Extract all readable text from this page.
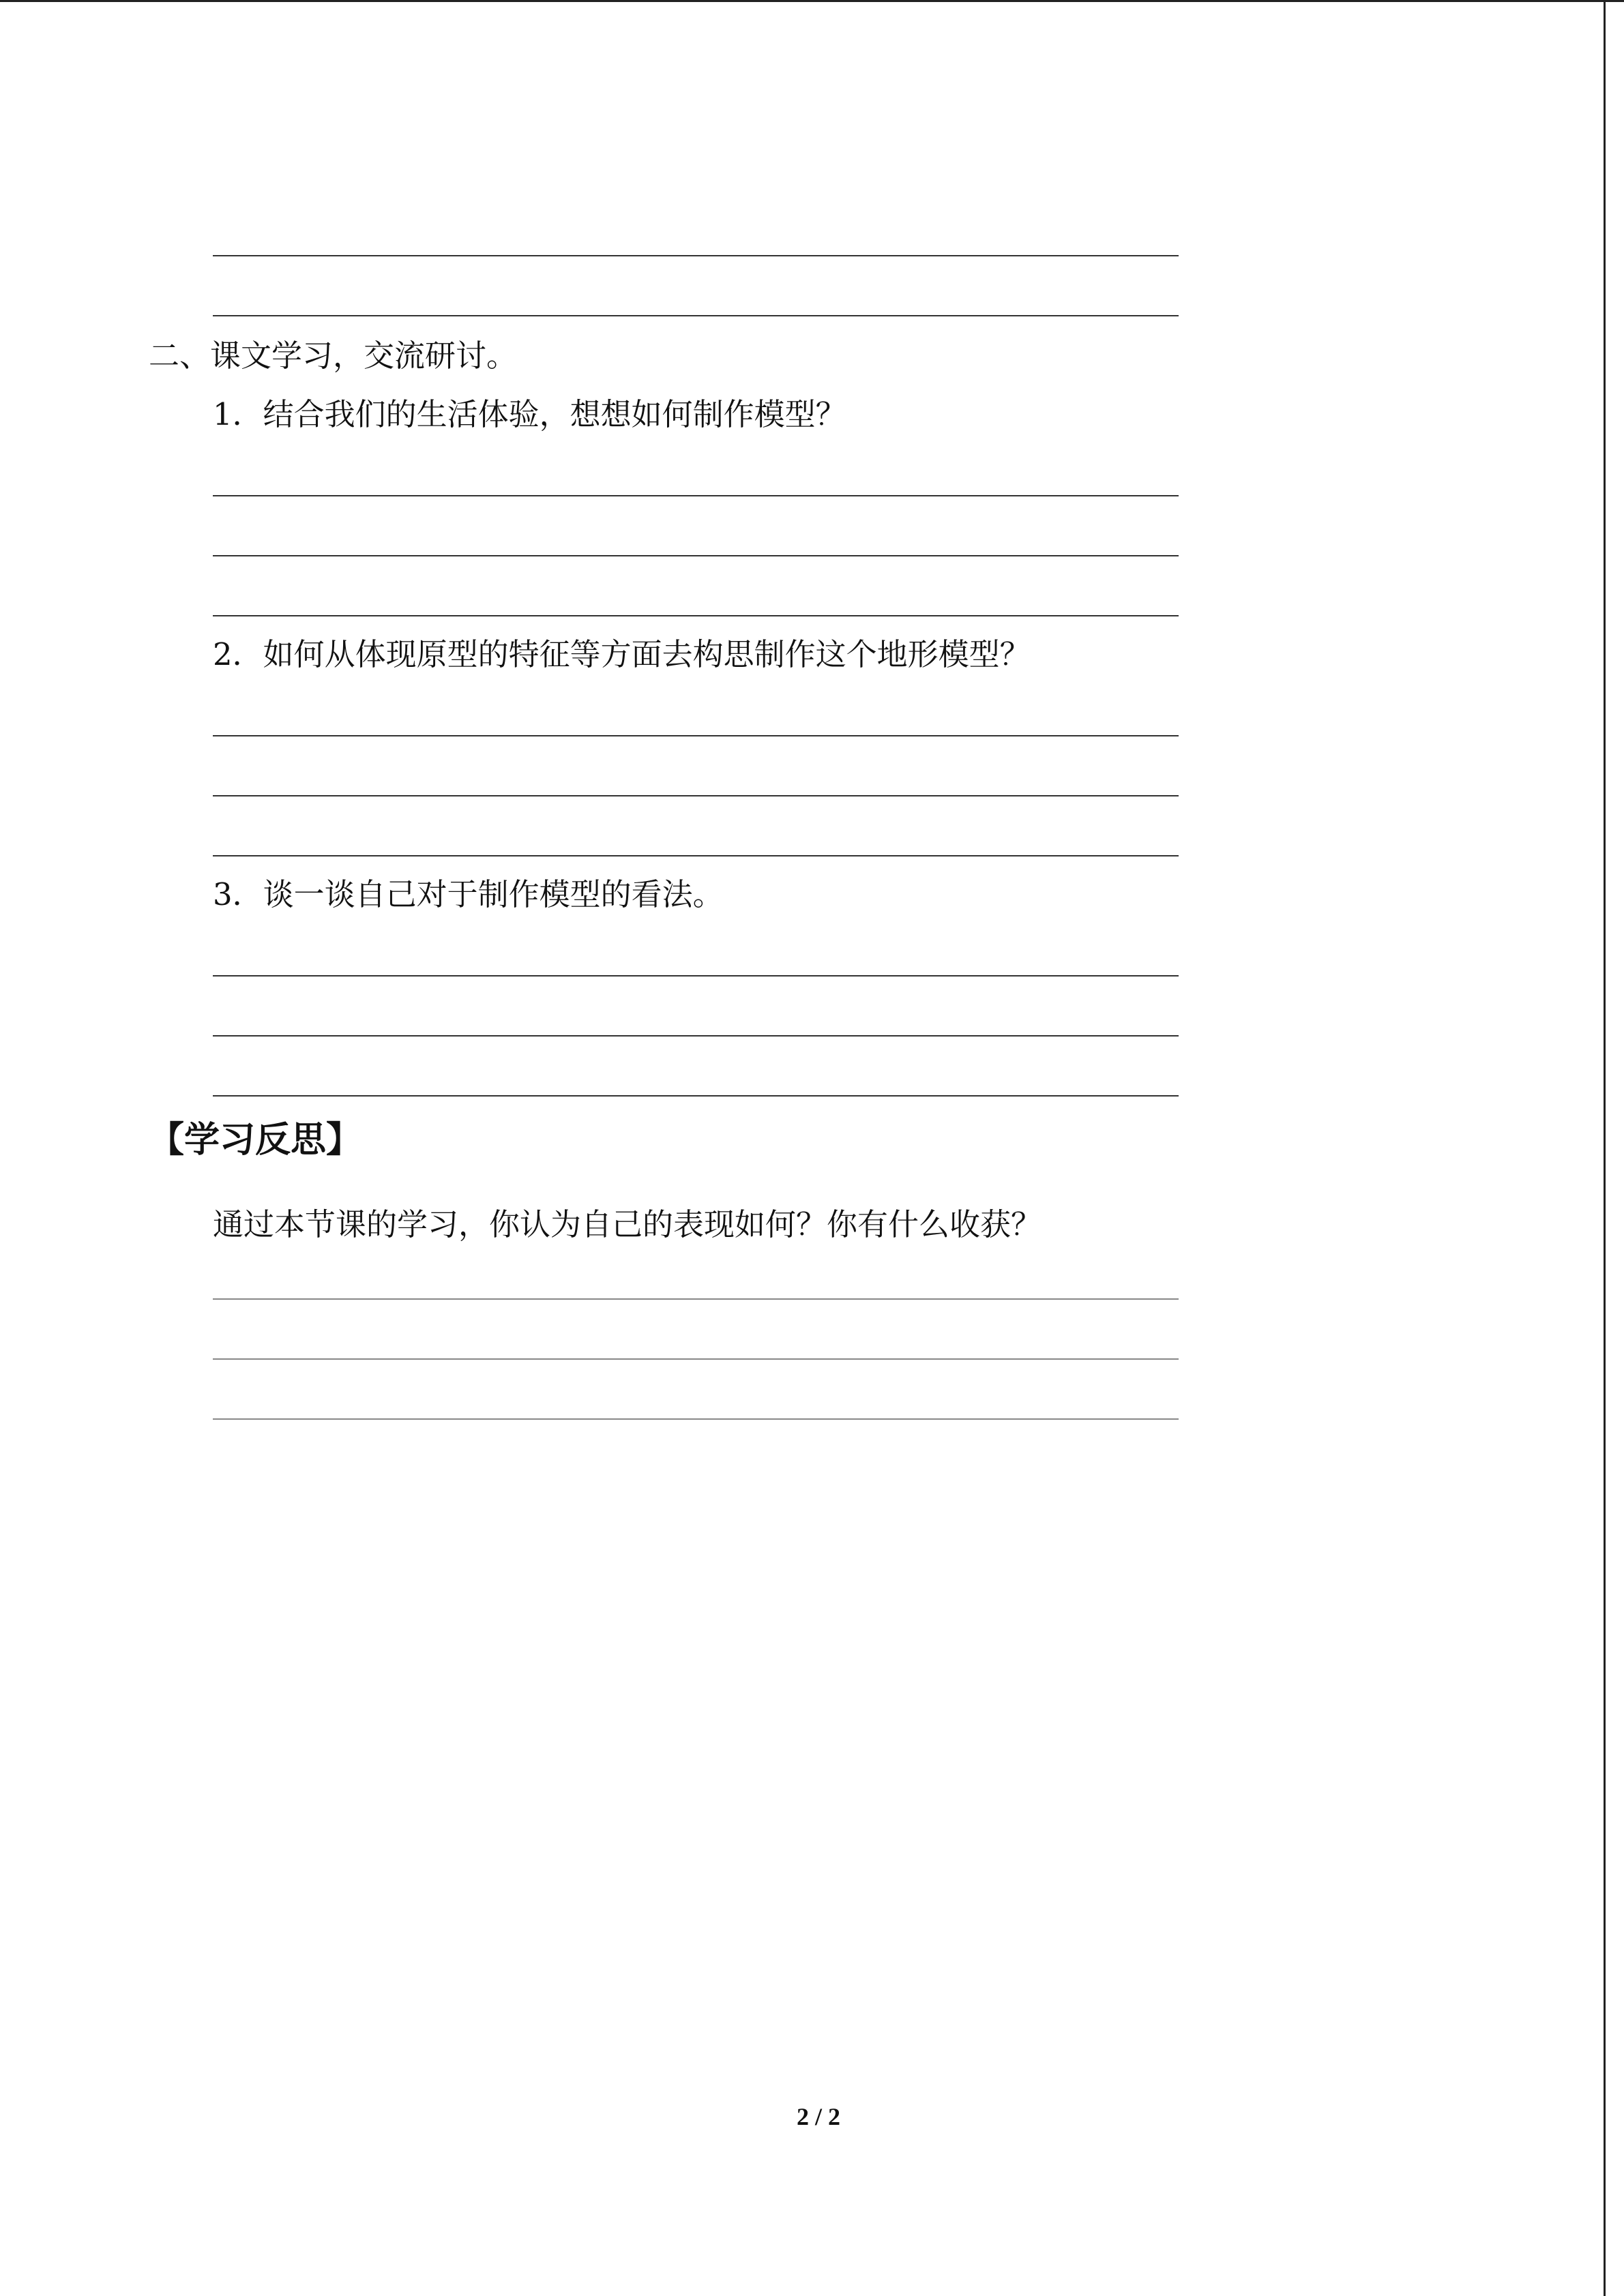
二、课文学习，交流研讨。
1．结合我们的生活体验，想想如何制作模型？
2．如何从体现原型的特征等方面去构思制作这个地形模型？
3．谈一谈自己对于制作模型的看法。
【学习反思】
通过本节课的学习，你认为自己的表现如何？你有什么收获？
2 / 2
